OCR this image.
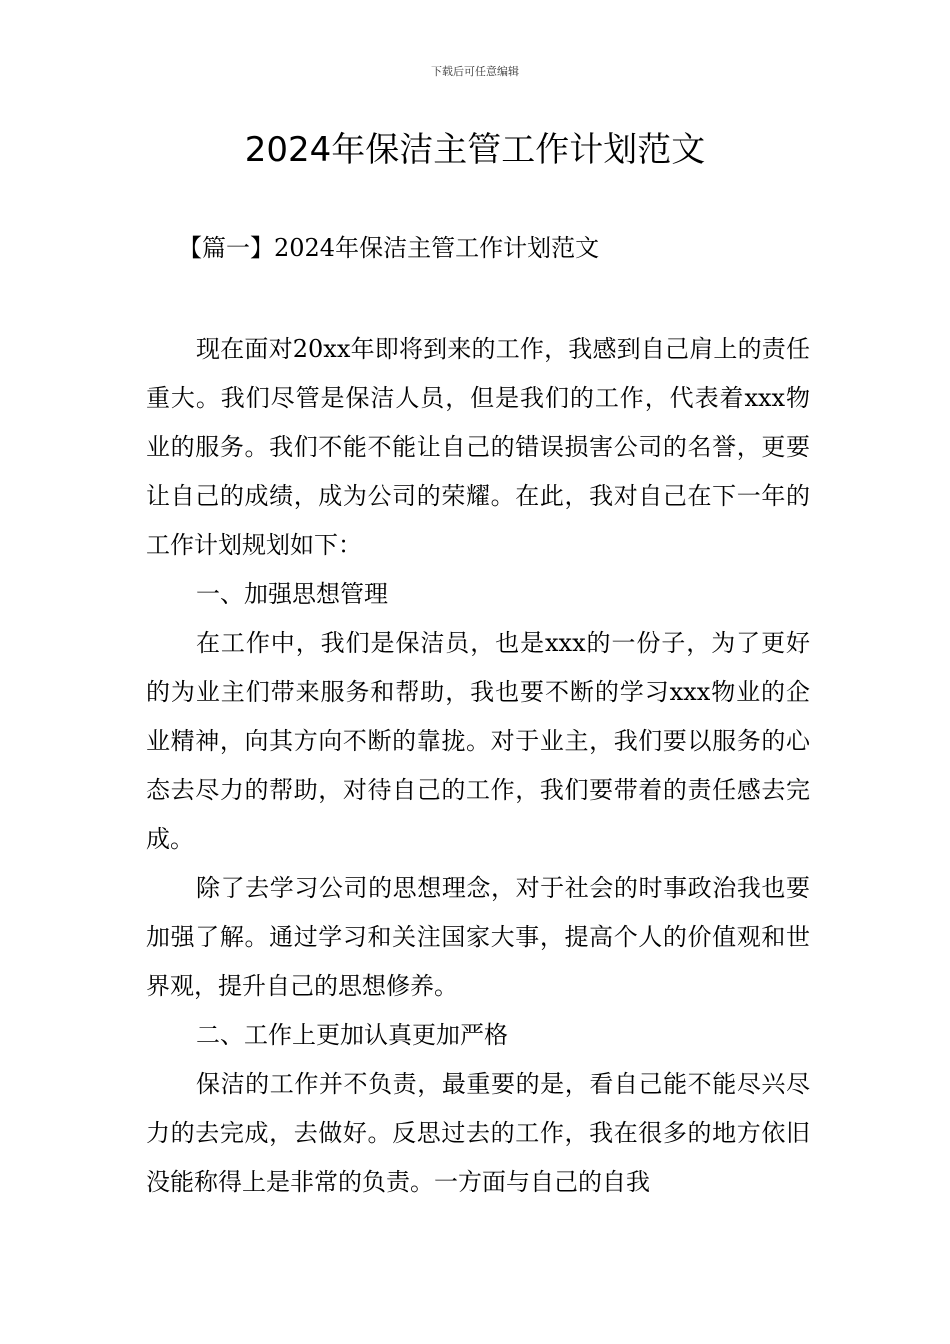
下载后可任意编辑
2024年保洁主管工作计划范文
【篇一】2024年保洁主管工作计划范文

现在面对20xx年即将到来的工作，我感到自己肩上的责任重大。我们尽管是保洁人员，但是我们的工作，代表着xxx物业的服务。我们不能不能让自己的错误损害公司的名誉，更要让自己的成绩，成为公司的荣耀。在此，我对自己在下一年的工作计划规划如下：

一、加强思想管理

在工作中，我们是保洁员，也是xxx的一份子，为了更好的为业主们带来服务和帮助，我也要不断的学习xxx物业的企业精神，向其方向不断的靠拢。对于业主，我们要以服务的心态去尽力的帮助，对待自己的工作，我们要带着的责任感去完成。

除了去学习公司的思想理念，对于社会的时事政治我也要加强了解。通过学习和关注国家大事，提高个人的价值观和世界观，提升自己的思想修养。

二、工作上更加认真更加严格

保洁的工作并不负责，最重要的是，看自己能不能尽兴尽力的去完成，去做好。反思过去的工作，我在很多的地方依旧没能称得上是非常的负责。一方面与自己的自我
